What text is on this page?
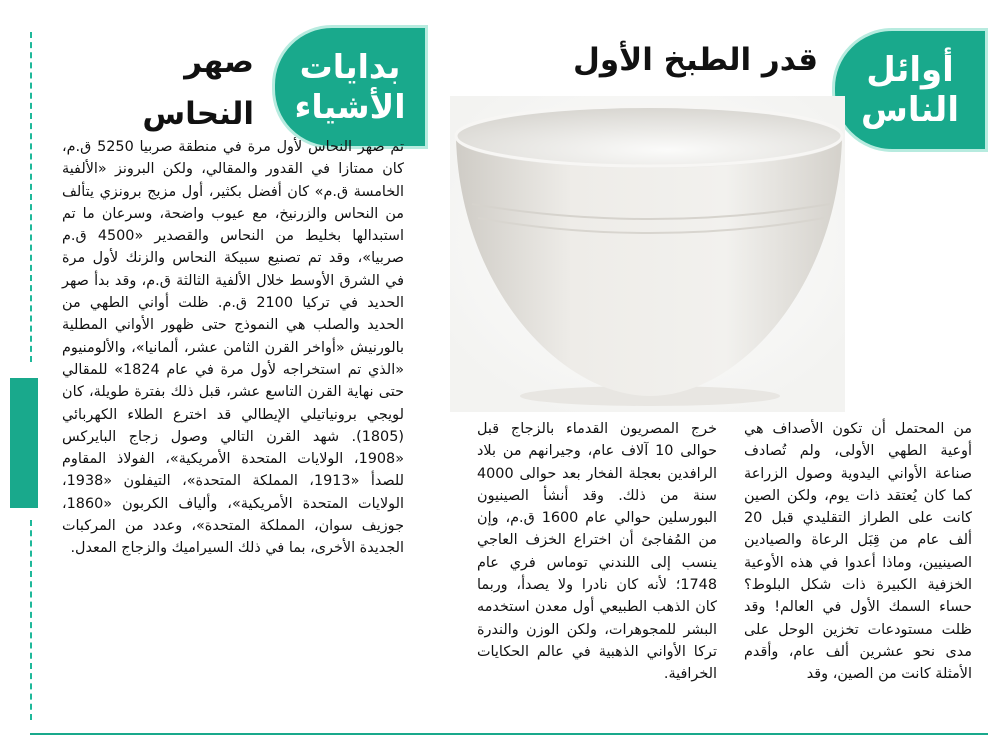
أوائل الناس
بدايات الأشياء
قدر الطبخ الأول
صهر النحاس

من المحتمل أن تكون الأصداف هي أوعية الطهي الأولى، ولم تُصادف صناعة الأواني اليدوية وصول الزراعة كما كان يُعتقد ذات يوم، ولكن الصين كانت على الطراز التقليدي قبل 20 ألف عام من قِبَل الرعاة والصيادين الصينيين، وماذا أعدوا في هذه الأوعية الخزفية الكبيرة ذات شكل البلوط؟ حساء السمك الأول في العالم! وقد ظلت مستودعات تخزين الوحل على مدى نحو عشرين ألف عام، وأقدم الأمثلة كانت من الصين، وقد

خرج المصريون القدماء بالزجاج قبل حوالى 10 آلاف عام، وجيرانهم من بلاد الرافدين بعجلة الفخار بعد حوالى 4000 سنة من ذلك. وقد أنشأ الصينيون البورسلين حوالي عام 1600 ق.م، وإن من المُفاجئ أن اختراع الخزف العاجي ينسب إلى اللندني توماس فري عام 1748؛ لأنه كان نادرا ولا يصدأ، وربما كان الذهب الطبيعي أول معدن استخدمه البشر للمجوهرات، ولكن الوزن والندرة تركا الأواني الذهبية في عالم الحكايات الخرافية.

تم صهر النحاس لأول مرة في منطقة صربيا 5250 ق.م، كان ممتازا في القدور والمقالي، ولكن البرونز «الألفية الخامسة ق.م» كان أفضل بكثير، أول مزيج برونزي يتألف من النحاس والزرنيخ، مع عيوب واضحة، وسرعان ما تم استبدالها بخليط من النحاس والقصدير «4500 ق.م صربيا»، وقد تم تصنيع سبيكة النحاس والزنك لأول مرة في الشرق الأوسط خلال الألفية الثالثة ق.م، وقد بدأ صهر الحديد في تركيا 2100 ق.م. ظلت أواني الطهي من الحديد والصلب هي النموذج حتى ظهور الأواني المطلية بالورنيش «أواخر القرن الثامن عشر، ألمانيا»، والألومنيوم «الذي تم استخراجه لأول مرة في عام 1824» للمقالي حتى نهاية القرن التاسع عشر، قبل ذلك بفترة طويلة، كان لويجي برونياتيلي الإيطالي قد اخترع الطلاء الكهربائي (1805). شهد القرن التالي وصول زجاج البايركس «1908، الولايات المتحدة الأمريكية»، الفولاذ المقاوم للصدأ «1913، المملكة المتحدة»، التيفلون «1938، الولايات المتحدة الأمريكية»، وألياف الكربون «1860، جوزيف سوان، المملكة المتحدة»، وعدد من المركبات الجديدة الأخرى، بما في ذلك السيراميك والزجاج المعدل.
